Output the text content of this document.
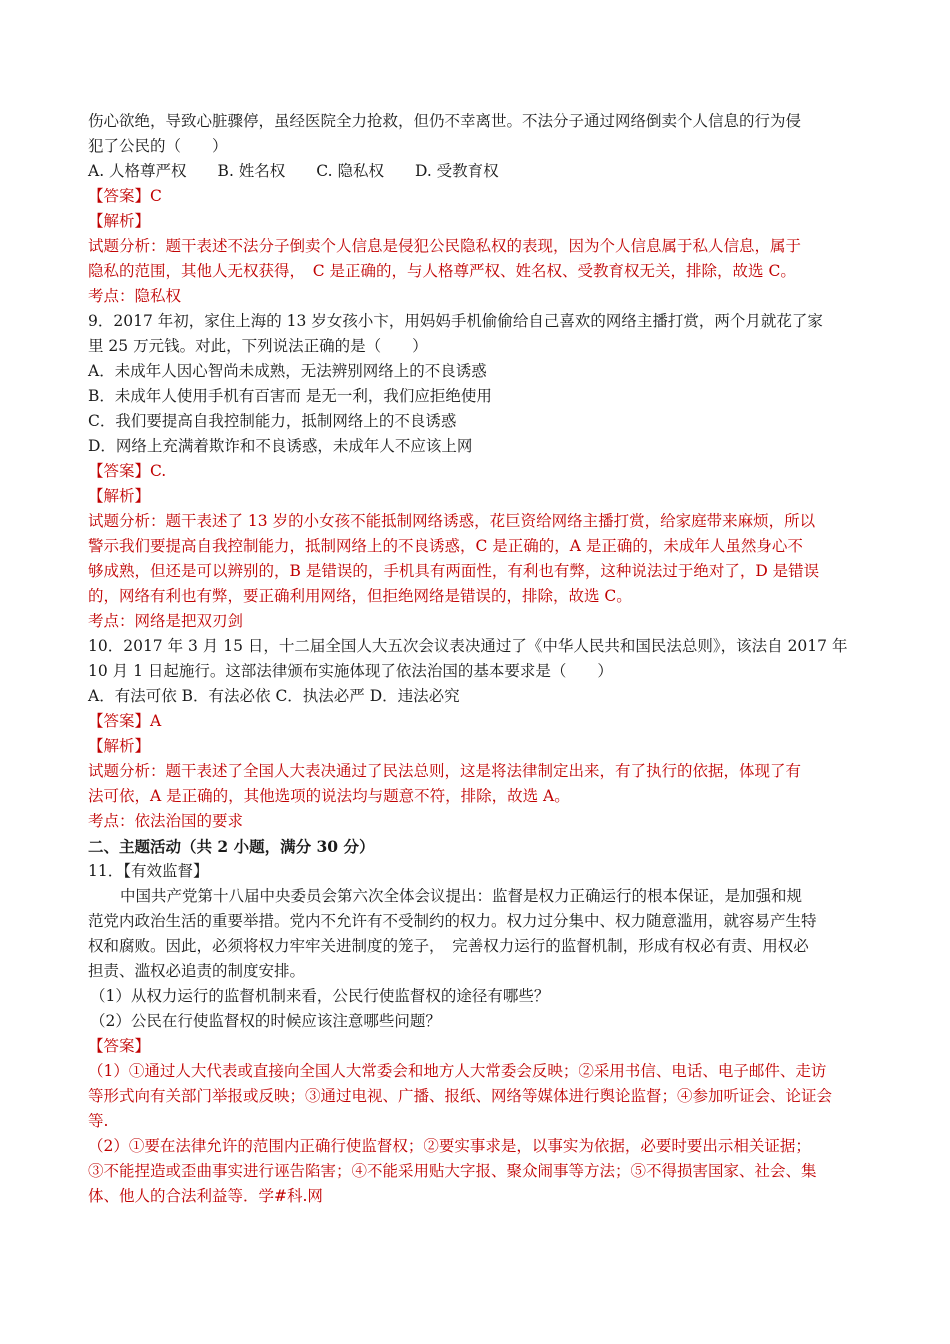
伤心欲绝，导致心脏骤停，虽经医院全力抢救，但仍不幸离世。不法分子通过网络倒卖个人信息的行为侵
犯了公民的（　　）
A. 人格尊严权　　B. 姓名权　　C. 隐私权　　D. 受教育权
【答案】C
【解析】
试题分析：题干表述不法分子倒卖个人信息是侵犯公民隐私权的表现，因为个人信息属于私人信息，属于
隐私的范围，其他人无权获得，　C 是正确的，与人格尊严权、姓名权、受教育权无关，排除，故选 C。
考点：隐私权
9．2017 年初，家住上海的 13 岁女孩小卞，用妈妈手机偷偷给自己喜欢的网络主播打赏，两个月就花了家
里 25 万元钱。对此，下列说法正确的是（　　）
A．未成年人因心智尚未成熟，无法辨别网络上的不良诱惑
B．未成年人使用手机有百害而 是无一利，我们应拒绝使用
C．我们要提高自我控制能力，抵制网络上的不良诱惑
D．网络上充满着欺诈和不良诱惑，未成年人不应该上网
【答案】C.
【解析】
试题分析：题干表述了 13 岁的小女孩不能抵制网络诱惑，花巨资给网络主播打赏，给家庭带来麻烦，所以
警示我们要提高自我控制能力，抵制网络上的不良诱惑，C 是正确的，A 是正确的，未成年人虽然身心不
够成熟，但还是可以辨别的，B 是错误的，手机具有两面性，有利也有弊，这种说法过于绝对了，D 是错误
的，网络有利也有弊，要正确利用网络，但拒绝网络是错误的，排除，故选 C。
考点：网络是把双刃剑
10．2017 年 3 月 15 日，十二届全国人大五次会议表决通过了《中华人民共和国民法总则》，该法自 2017 年
10 月 1 日起施行。这部法律颁布实施体现了依法治国的基本要求是（　　）
A．有法可依 B．有法必依 C．执法必严 D．违法必究
【答案】A
【解析】
试题分析：题干表述了全国人大表决通过了民法总则，这是将法律制定出来，有了执行的依据，体现了有
法可依，A 是正确的，其他选项的说法均与题意不符，排除，故选 A。
考点：依法治国的要求
二、主题活动（共 2 小题，满分 30 分）
11．【有效监督】
中国共产党第十八届中央委员会第六次全体会议提出：监督是权力正确运行的根本保证，是加强和规
范党内政治生活的重要举措。党内不允许有不受制约的权力。权力过分集中、权力随意滥用，就容易产生特
权和腐败。因此，必须将权力牢牢关进制度的笼子，　完善权力运行的监督机制，形成有权必有责、用权必
担责、滥权必追责的制度安排。
（1）从权力运行的监督机制来看，公民行使监督权的途径有哪些？
（2）公民在行使监督权的时候应该注意哪些问题？
【答案】
（1）①通过人大代表或直接向全国人大常委会和地方人大常委会反映；②采用书信、电话、电子邮件、走访
等形式向有关部门举报或反映；③通过电视、广播、报纸、网络等媒体进行舆论监督；④参加听证会、论证会
等.
（2）①要在法律允许的范围内正确行使监督权；②要实事求是，以事实为依据，必要时要出示相关证据；
③不能捏造或歪曲事实进行诬告陷害；④不能采用贴大字报、聚众闹事等方法；⑤不得损害国家、社会、集
体、他人的合法利益等．学#科.网
